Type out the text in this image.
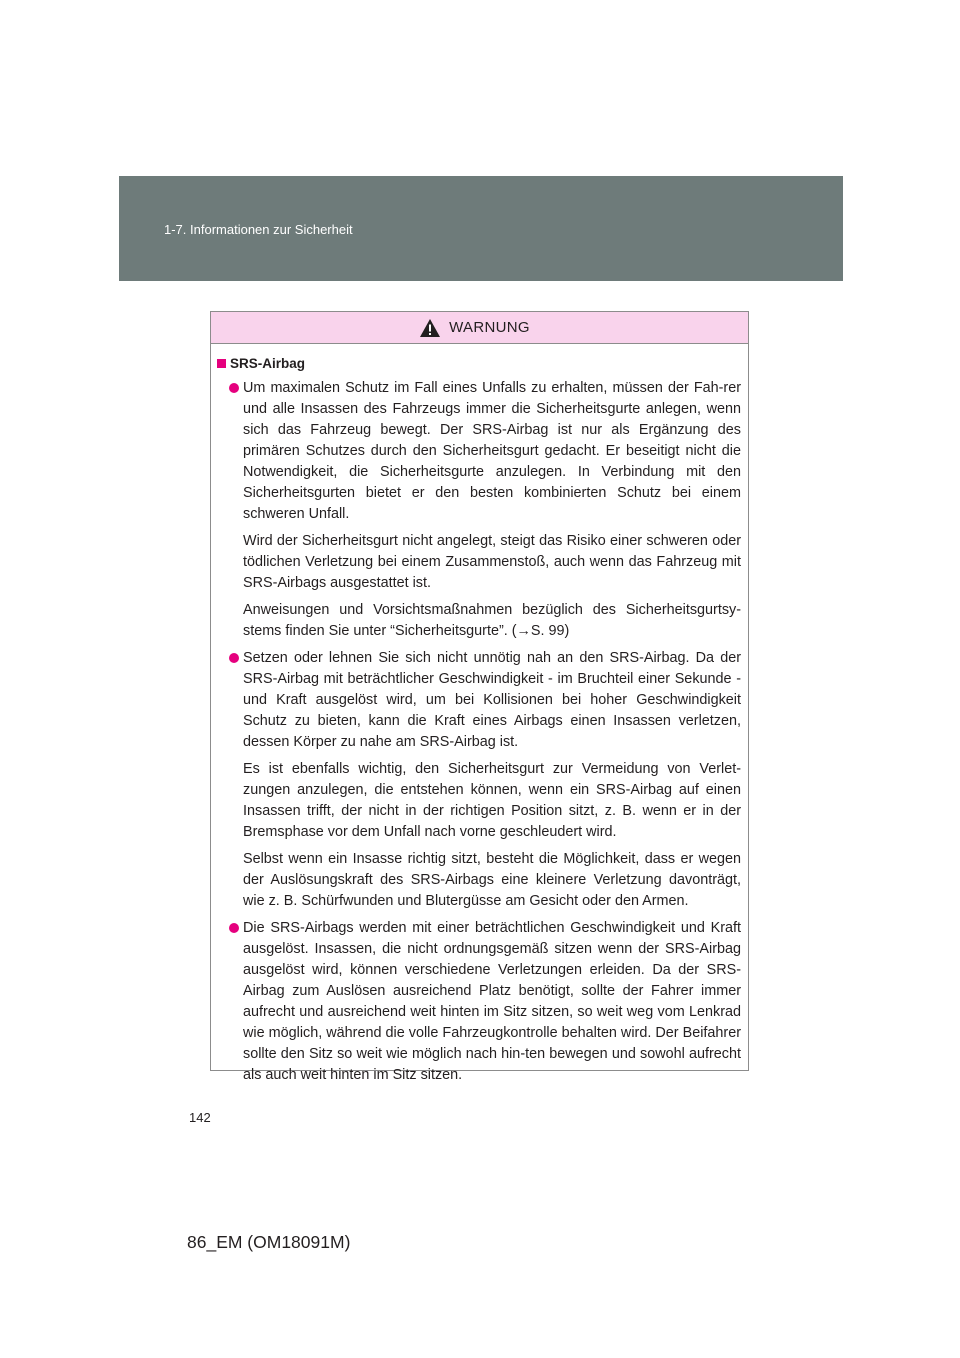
1-7. Informationen zur Sicherheit
WARNUNG
SRS-Airbag

Um maximalen Schutz im Fall eines Unfalls zu erhalten, müssen der Fah-rer und alle Insassen des Fahrzeugs immer die Sicherheitsgurte anlegen, wenn sich das Fahrzeug bewegt. Der SRS-Airbag ist nur als Ergänzung des primären Schutzes durch den Sicherheitsgurt gedacht. Er beseitigt nicht die Notwendigkeit, die Sicherheitsgurte anzulegen. In Verbindung mit den Sicherheitsgurten bietet er den besten kombinierten Schutz bei einem schweren Unfall.

Wird der Sicherheitsgurt nicht angelegt, steigt das Risiko einer schweren oder tödlichen Verletzung bei einem Zusammenstoß, auch wenn das Fahrzeug mit SRS-Airbags ausgestattet ist.

Anweisungen und Vorsichtsmaßnahmen bezüglich des Sicherheitsgurtsy-stems finden Sie unter “Sicherheitsgurte”. (→S. 99)

Setzen oder lehnen Sie sich nicht unnötig nah an den SRS-Airbag. Da der SRS-Airbag mit beträchtlicher Geschwindigkeit - im Bruchteil einer Sekunde - und Kraft ausgelöst wird, um bei Kollisionen bei hoher Geschwindigkeit Schutz zu bieten, kann die Kraft eines Airbags einen Insassen verletzen, dessen Körper zu nahe am SRS-Airbag ist.

Es ist ebenfalls wichtig, den Sicherheitsgurt zur Vermeidung von Verlet-zungen anzulegen, die entstehen können, wenn ein SRS-Airbag auf einen Insassen trifft, der nicht in der richtigen Position sitzt, z. B. wenn er in der Bremsphase vor dem Unfall nach vorne geschleudert wird.

Selbst wenn ein Insasse richtig sitzt, besteht die Möglichkeit, dass er wegen der Auslösungskraft des SRS-Airbags eine kleinere Verletzung davonträgt, wie z. B. Schürfwunden und Blutergüsse am Gesicht oder den Armen.

Die SRS-Airbags werden mit einer beträchtlichen Geschwindigkeit und Kraft ausgelöst. Insassen, die nicht ordnungsgemäß sitzen wenn der SRS-Airbag ausgelöst wird, können verschiedene Verletzungen erleiden. Da der SRS-Airbag zum Auslösen ausreichend Platz benötigt, sollte der Fahrer immer aufrecht und ausreichend weit hinten im Sitz sitzen, so weit weg vom Lenkrad wie möglich, während die volle Fahrzeugkontrolle behalten wird. Der Beifahrer sollte den Sitz so weit wie möglich nach hin-ten bewegen und sowohl aufrecht als auch weit hinten im Sitz sitzen.

142
86_EM (OM18091M)
